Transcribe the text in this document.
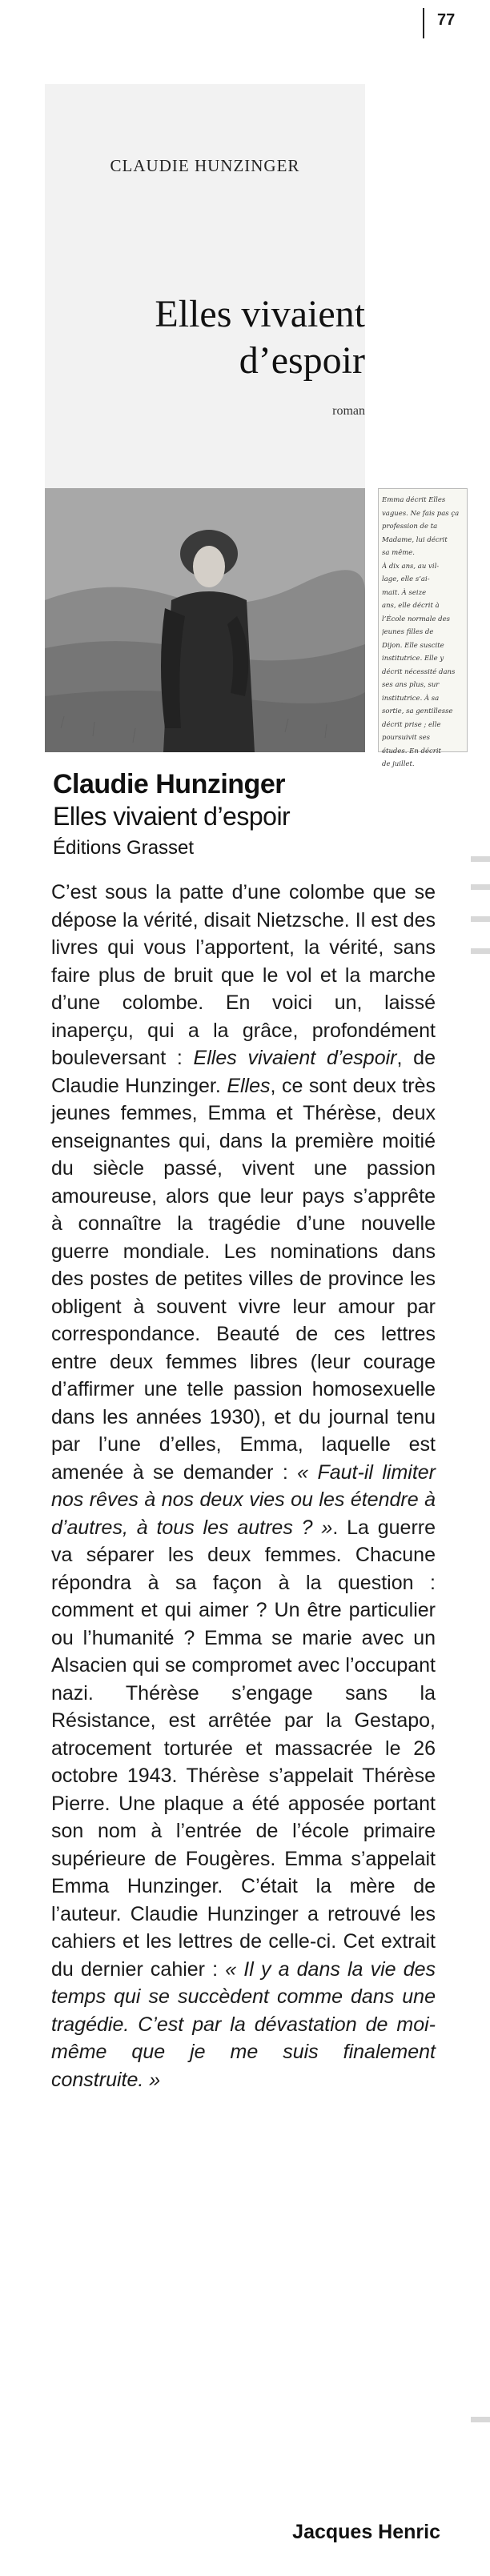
77
CLAUDIE HUNZINGER
Elles vivaient
d’espoir
roman
Emma décrit Elles
vagues. Ne fais pas ça
profession de ta
Madame, lui décrit
sa même.
À dix ans, au vil-
lage, elle s’ai-
mait. À seize
ans, elle décrit à
l’École normale des
jeunes filles de
Dijon. Elle suscite
institutrice. Elle y
décrit nécessité dans
ses ans plus, sur
institutrice. À sa
sortie, sa gentillesse
décrit prise ; elle
poursuivit ses
études. En décrit
de juillet.
Claudie Hunzinger
Elles vivaient d’espoir
Éditions Grasset

C’est sous la patte d’une colombe que se dépose la vérité, disait Nietzsche. Il est des livres qui vous l’apportent, la vérité, sans faire plus de bruit que le vol et la marche d’une colombe. En voici un, laissé inaperçu, qui a la grâce, profondément bouleversant : Elles vivaient d’espoir, de Claudie Hunzinger. Elles, ce sont deux très jeunes femmes, Emma et Thérèse, deux enseignantes qui, dans la première moitié du siècle passé, vivent une passion amoureuse, alors que leur pays s’apprête à connaître la tragédie d’une nouvelle guerre mondiale. Les nominations dans des postes de petites villes de province les obligent à souvent vivre leur amour par correspondance. Beauté de ces lettres entre deux femmes libres (leur courage d’affirmer une telle passion homosexuelle dans les années 1930), et du journal tenu par l’une d’elles, Emma, laquelle est amenée à se demander : « Faut-il limiter nos rêves à nos deux vies ou les étendre à d’autres, à tous les autres ? ». La guerre va séparer les deux femmes. Chacune répondra à sa façon à la question : comment et qui aimer ? Un être particulier ou l’humanité ? Emma se marie avec un Alsacien qui se compromet avec l’occupant nazi. Thérèse s’engage sans la Résistance, est arrêtée par la Gestapo, atrocement torturée et massacrée le 26 octobre 1943. Thérèse s’appelait Thérèse Pierre. Une plaque a été apposée portant son nom à l’entrée de l’école primaire supérieure de Fougères. Emma s’appelait Emma Hunzinger. C’était la mère de l’auteur. Claudie Hunzinger a retrouvé les cahiers et les lettres de celle-ci. Cet extrait du dernier cahier : « Il y a dans la vie des temps qui se succèdent comme dans une tragédie. C’est par la dévastation de moi-même que je me suis finalement construite. »

Jacques Henric
